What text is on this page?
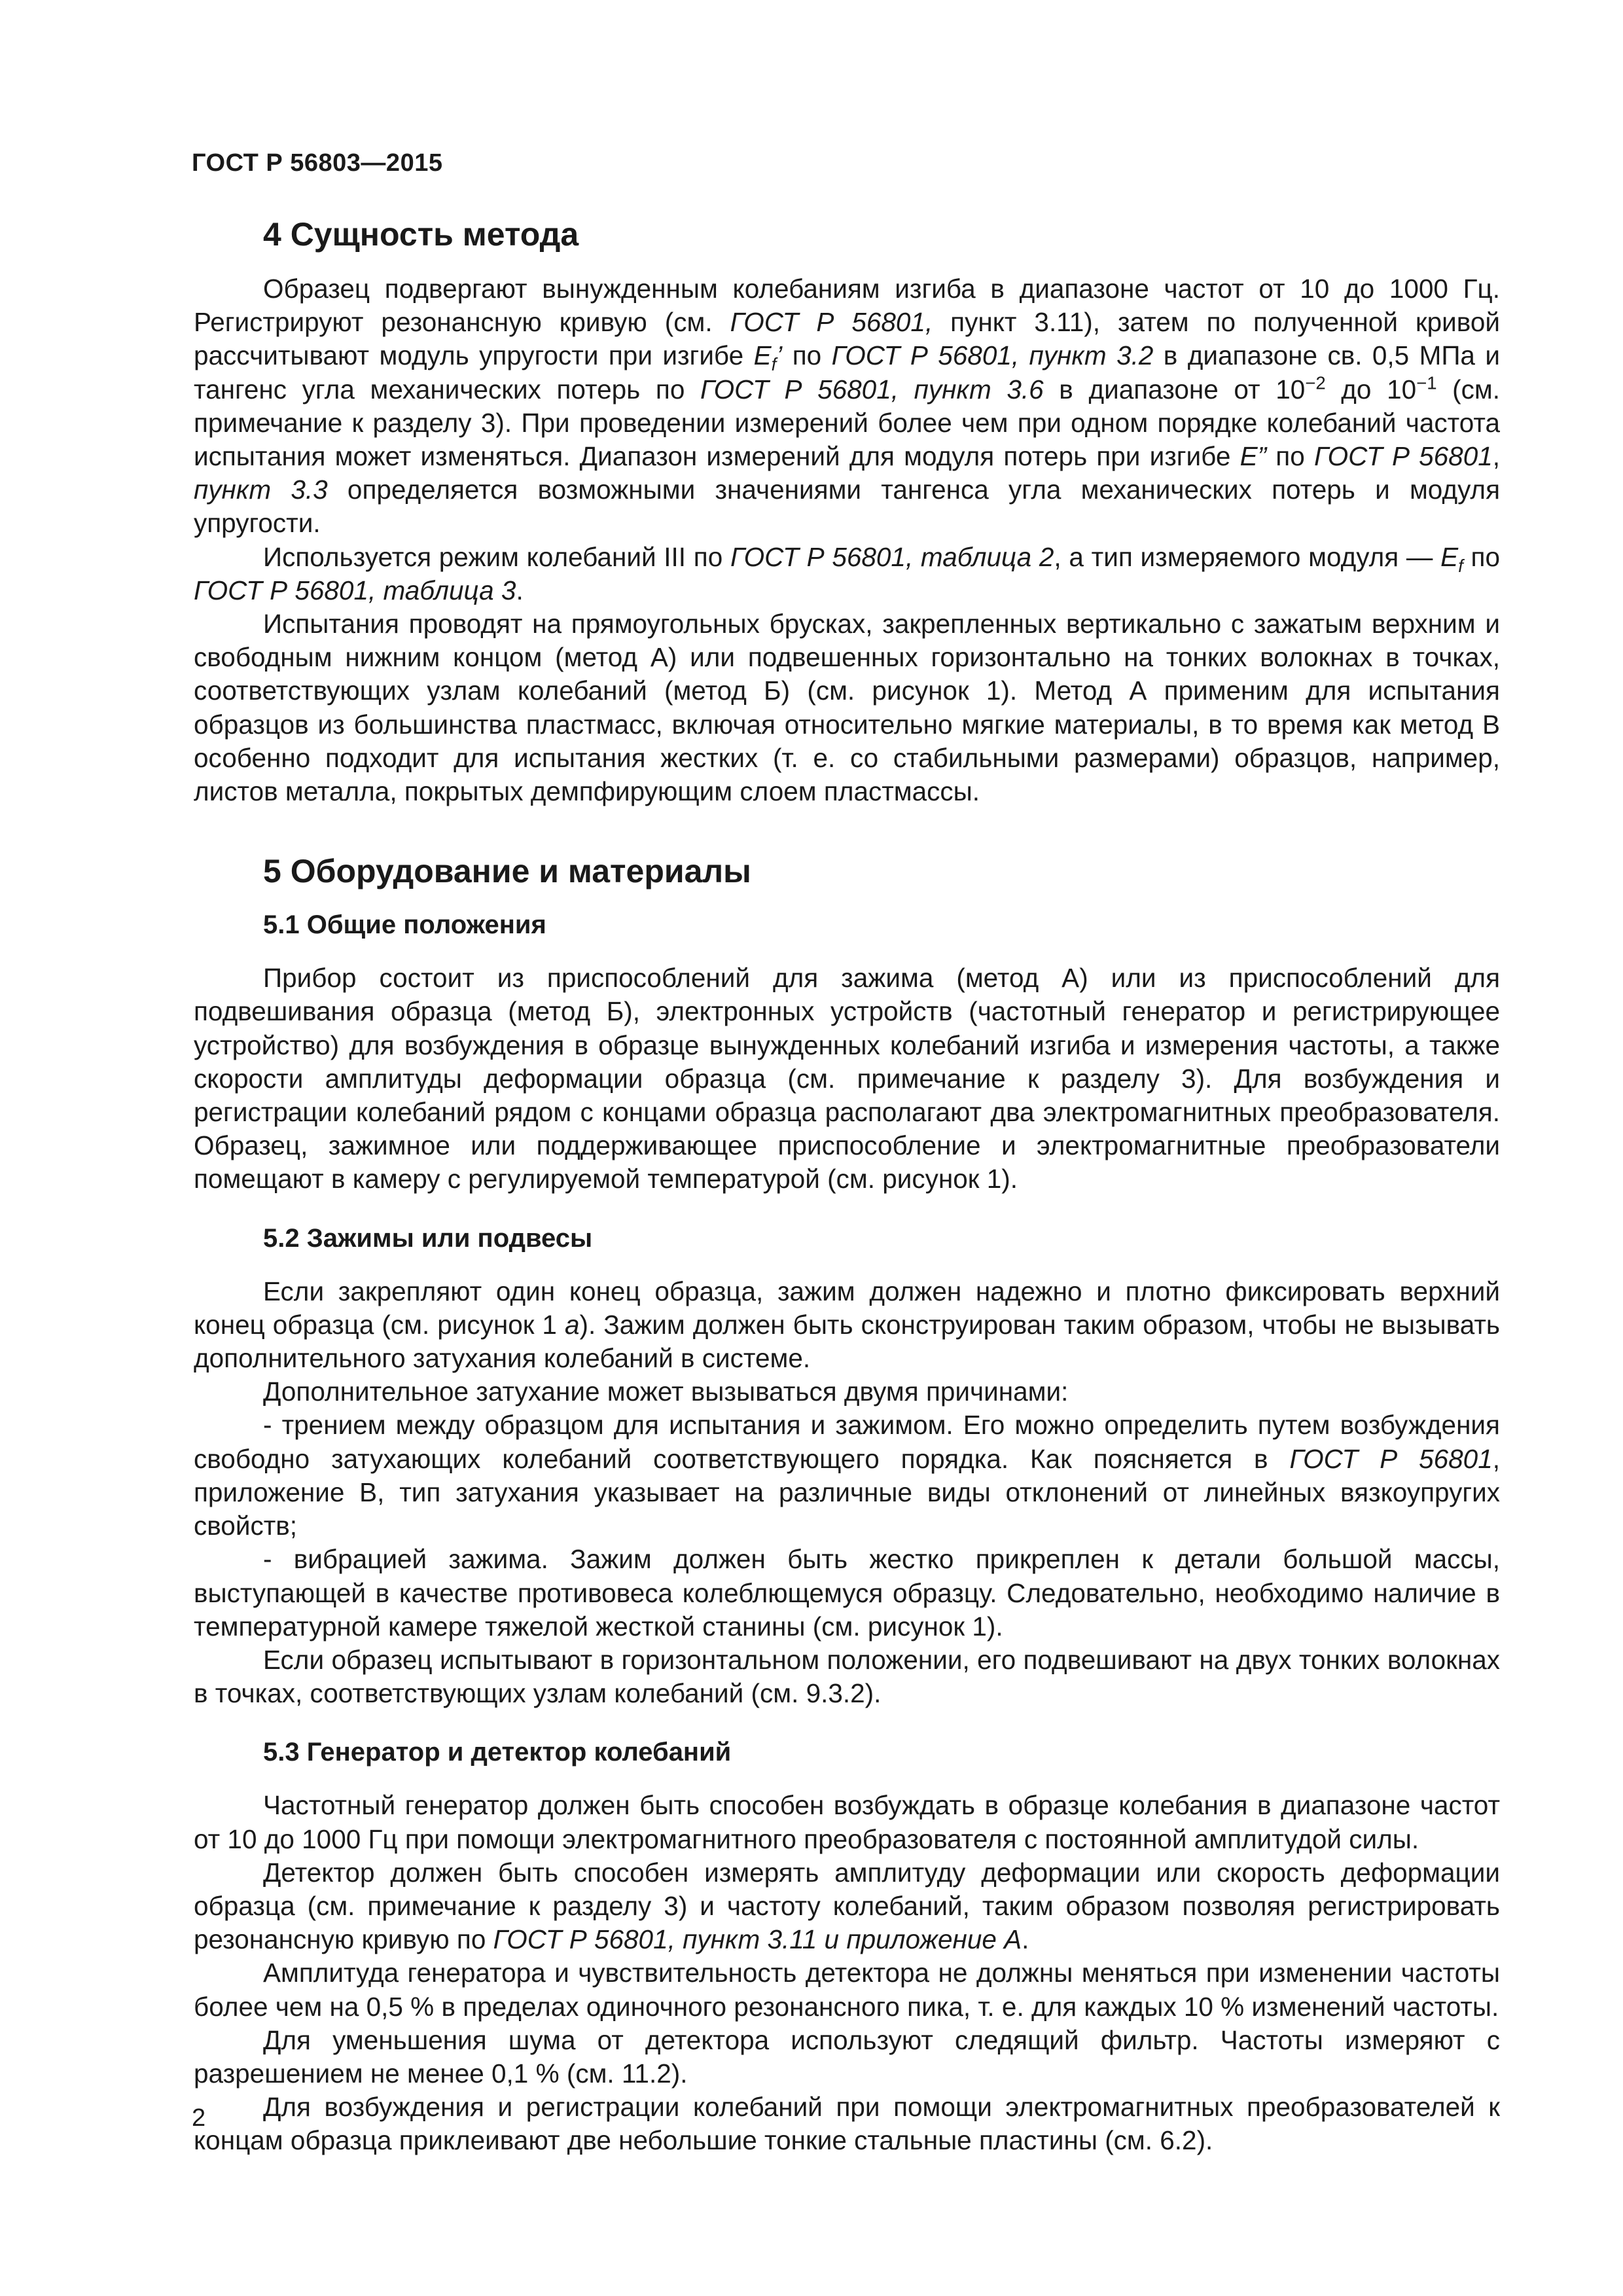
ГОСТ Р 56803—2015
4 Сущность метода

Образец подвергают вынужденным колебаниям изгиба в диапазоне частот от 10 до 1000 Гц. Регистрируют резонансную кривую (см. ГОСТ Р 56801, пункт 3.11), затем по полученной кривой рассчитывают модуль упругости при изгибе $E_f$’ по ГОСТ Р 56801, пункт 3.2 в диапазоне св. 0,5 МПа и тангенс угла механических потерь по ГОСТ Р 56801, пункт 3.6 в диапазоне от $10^{-2}$ до $10^{-1}$ (см. примечание к разделу 3). При проведении измерений более чем при одном порядке колебаний частота испытания может изменяться. Диапазон измерений для модуля потерь при изгибе E” по ГОСТ Р 56801, пункт 3.3 определяется возможными значениями тангенса угла механических потерь и модуля упругости.

Используется режим колебаний III по ГОСТ Р 56801, таблица 2, а тип измеряемого модуля — $E_f$ по ГОСТ Р 56801, таблица 3.

Испытания проводят на прямоугольных брусках, закрепленных вертикально с зажатым верхним и свободным нижним концом (метод А) или подвешенных горизонтально на тонких волокнах в точках, соответствующих узлам колебаний (метод Б) (см. рисунок 1). Метод А применим для испытания образцов из большинства пластмасс, включая относительно мягкие материалы, в то время как метод В особенно подходит для испытания жестких (т. е. со стабильными размерами) образцов, например, листов металла, покрытых демпфирующим слоем пластмассы.

5 Оборудование и материалы
5.1 Общие положения

Прибор состоит из приспособлений для зажима (метод А) или из приспособлений для подвешивания образца (метод Б), электронных устройств (частотный генератор и регистрирующее устройство) для возбуждения в образце вынужденных колебаний изгиба и измерения частоты, а также скорости амплитуды деформации образца (см. примечание к разделу 3). Для возбуждения и регистрации колебаний рядом с концами образца располагают два электромагнитных преобразователя. Образец, зажимное или поддерживающее приспособление и электромагнитные преобразователи помещают в камеру с регулируемой температурой (см. рисунок 1).

5.2 Зажимы или подвесы

Если закрепляют один конец образца, зажим должен надежно и плотно фиксировать верхний конец образца (см. рисунок 1 а). Зажим должен быть сконструирован таким образом, чтобы не вызывать дополнительного затухания колебаний в системе.

Дополнительное затухание может вызываться двумя причинами:

- трением между образцом для испытания и зажимом. Его можно определить путем возбуждения свободно затухающих колебаний соответствующего порядка. Как поясняется в ГОСТ Р 56801, приложение В, тип затухания указывает на различные виды отклонений от линейных вязкоупругих свойств;

- вибрацией зажима. Зажим должен быть жестко прикреплен к детали большой массы, выступающей в качестве противовеса колеблющемуся образцу. Следовательно, необходимо наличие в температурной камере тяжелой жесткой станины (см. рисунок 1).

Если образец испытывают в горизонтальном положении, его подвешивают на двух тонких волокнах в точках, соответствующих узлам колебаний (см. 9.3.2).

5.3 Генератор и детектор колебаний

Частотный генератор должен быть способен возбуждать в образце колебания в диапазоне частот от 10 до 1000 Гц при помощи электромагнитного преобразователя с постоянной амплитудой силы.

Детектор должен быть способен измерять амплитуду деформации или скорость деформации образца (см. примечание к разделу 3) и частоту колебаний, таким образом позволяя регистрировать резонансную кривую по ГОСТ Р 56801, пункт 3.11 и приложение А.

Амплитуда генератора и чувствительность детектора не должны меняться при изменении частоты более чем на 0,5 % в пределах одиночного резонансного пика, т. е. для каждых 10 % изменений частоты.

Для уменьшения шума от детектора используют следящий фильтр. Частоты измеряют с разрешением не менее 0,1 % (см. 11.2).

Для возбуждения и регистрации колебаний при помощи электромагнитных преобразователей к концам образца приклеивают две небольшие тонкие стальные пластины (см. 6.2).

2
